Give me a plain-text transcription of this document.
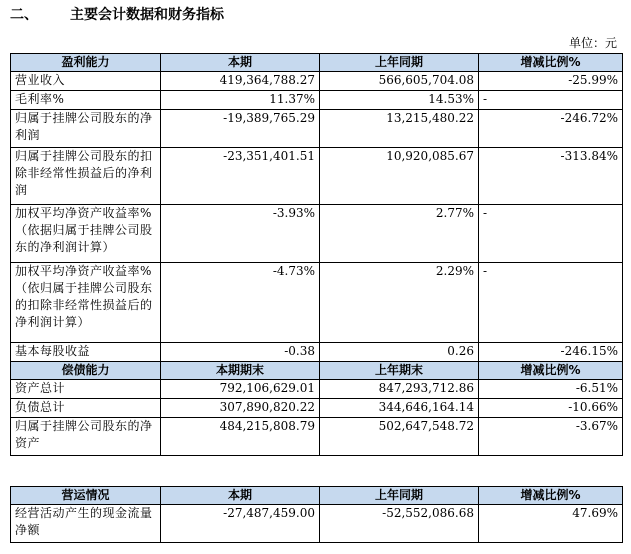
二、 主要会计数据和财务指标
单位：元
盈利能力	本期	上年同期	增减比例%
营业收入	419,364,788.27	566,605,704.08	-25.99%
毛利率%	11.37%	14.53%	-
归属于挂牌公司股东的净利润	-19,389,765.29	13,215,480.22	-246.72%
归属于挂牌公司股东的扣除非经常性损益后的净利润	-23,351,401.51	10,920,085.67	-313.84%
加权平均净资产收益率%（依据归属于挂牌公司股东的净利润计算）	-3.93%	2.77%	-
加权平均净资产收益率%（依归属于挂牌公司股东的扣除非经常性损益后的净利润计算）	-4.73%	2.29%	-
基本每股收益	-0.38	0.26	-246.15%
偿债能力	本期期末	上年期末	增减比例%
资产总计	792,106,629.01	847,293,712.86	-6.51%
负债总计	307,890,820.22	344,646,164.14	-10.66%
归属于挂牌公司股东的净资产	484,215,808.79	502,647,548.72	-3.67%
营运情况	本期	上年同期	增减比例%
经营活动产生的现金流量净额	-27,487,459.00	-52,552,086.68	47.69%
